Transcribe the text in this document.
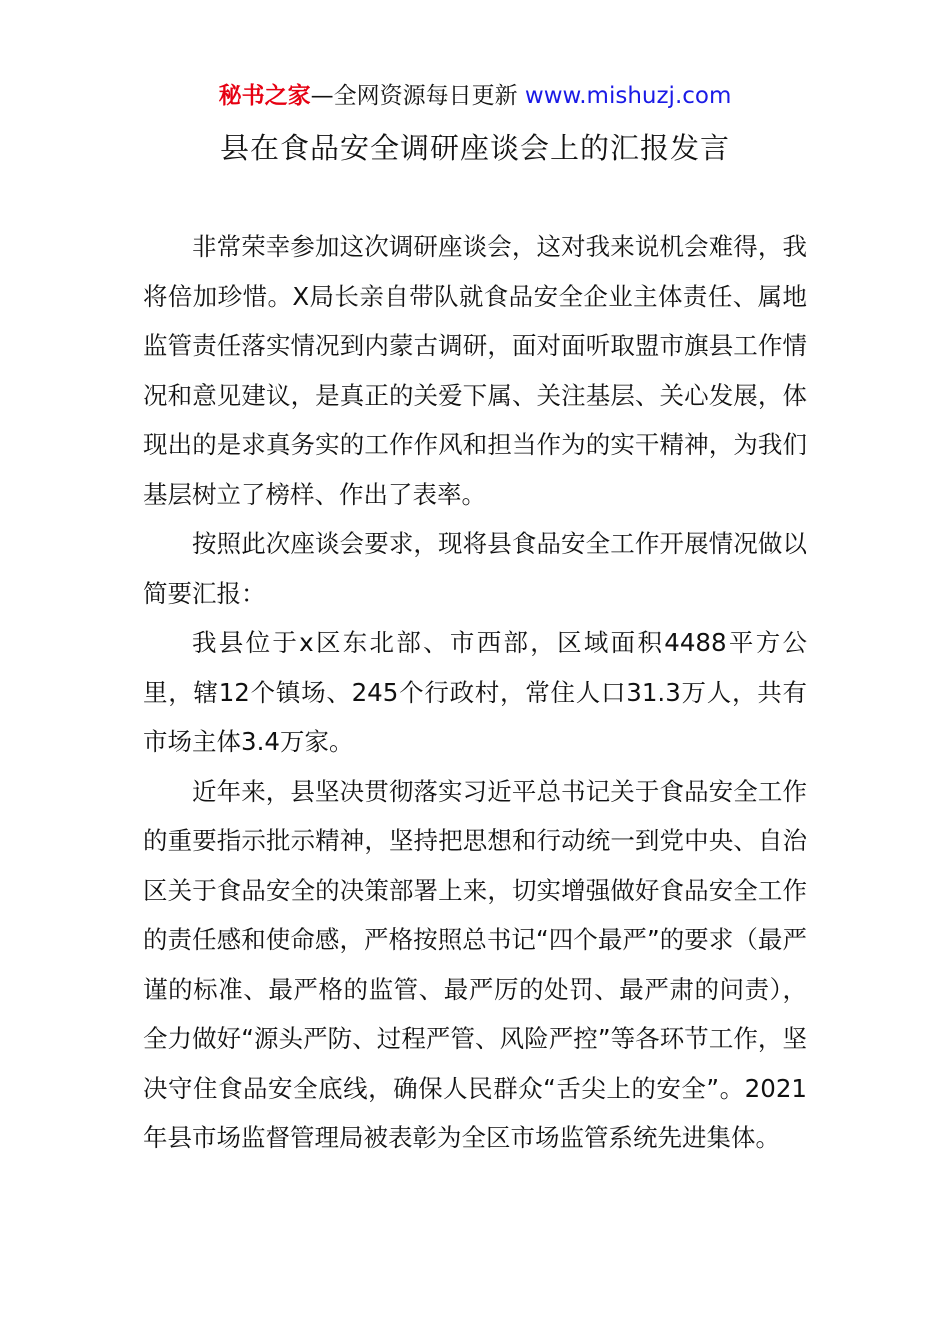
秘书之家—全网资源每日更新 www.mishuzj.com
县在食品安全调研座谈会上的汇报发言

非常荣幸参加这次调研座谈会，这对我来说机会难得，我将倍加珍惜。X局长亲自带队就食品安全企业主体责任、属地监管责任落实情况到内蒙古调研，面对面听取盟市旗县工作情况和意见建议，是真正的关爱下属、关注基层、关心发展，体现出的是求真务实的工作作风和担当作为的实干精神，为我们基层树立了榜样、作出了表率。

按照此次座谈会要求，现将县食品安全工作开展情况做以简要汇报：

我县位于x区东北部、市西部，区域面积4488平方公里，辖12个镇场、245个行政村，常住人口31.3万人，共有市场主体3.4万家。

近年来，县坚决贯彻落实习近平总书记关于食品安全工作的重要指示批示精神，坚持把思想和行动统一到党中央、自治区关于食品安全的决策部署上来，切实增强做好食品安全工作的责任感和使命感，严格按照总书记“四个最严”的要求（最严谨的标准、最严格的监管、最严厉的处罚、最严肃的问责），全力做好“源头严防、过程严管、风险严控”等各环节工作，坚决守住食品安全底线，确保人民群众“舌尖上的安全”。2021年县市场监督管理局被表彰为全区市场监管系统先进集体。
